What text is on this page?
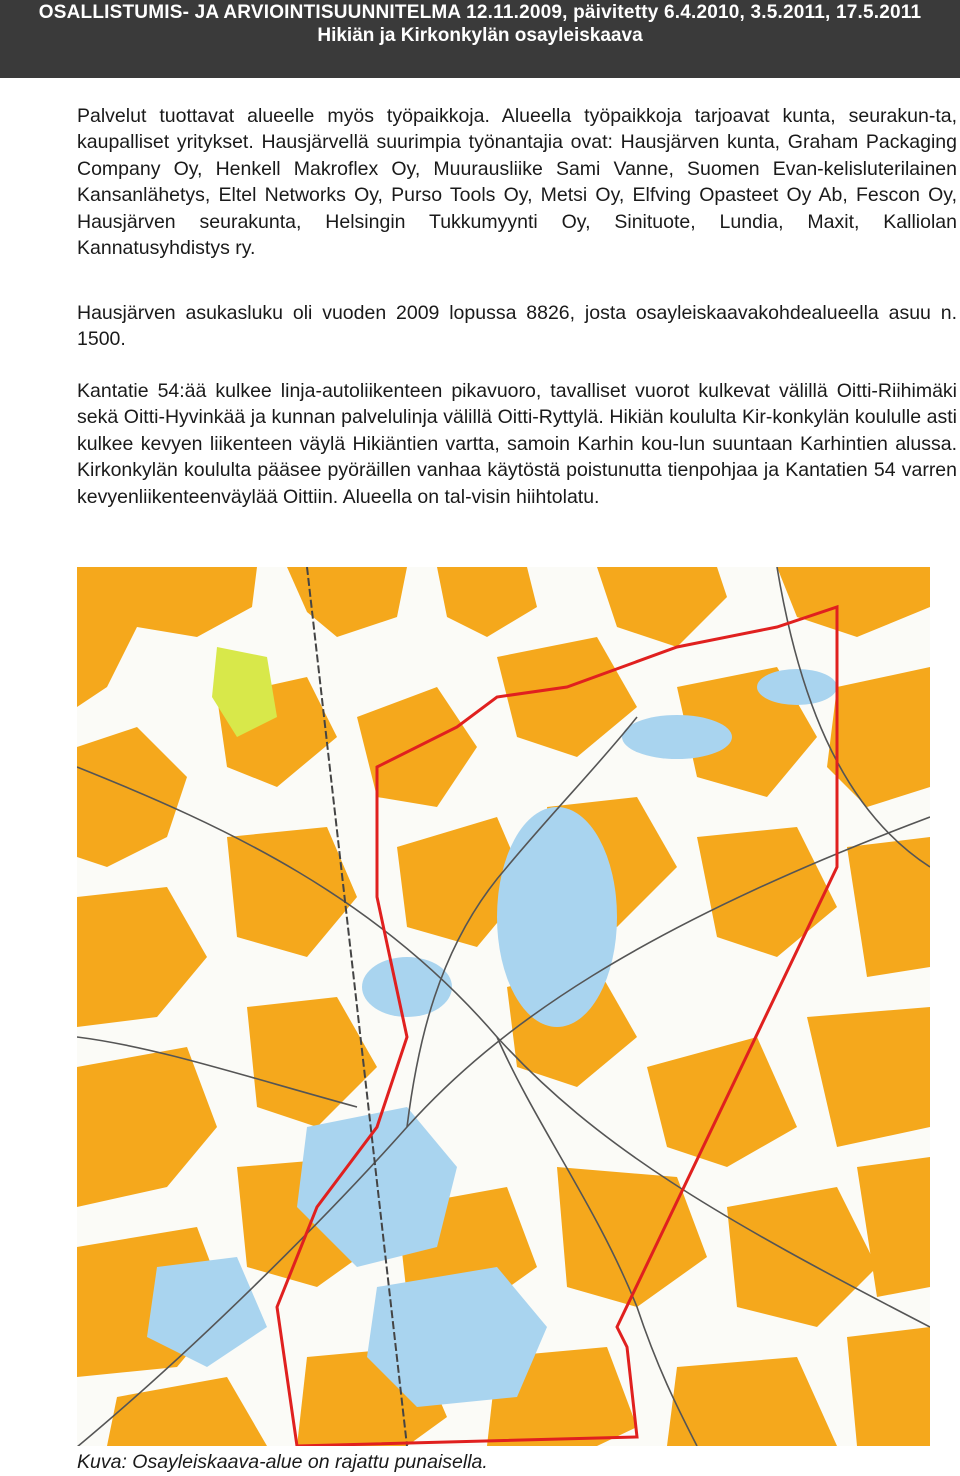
OSALLISTUMIS- JA ARVIOINTISUUNNITELMA 12.11.2009, päivitetty 6.4.2010, 3.5.2011, 17.5.2011
Hikiän ja Kirkonkylän osayleiskaava

Palvelut tuottavat alueelle myös työpaikkoja. Alueella työpaikkoja tarjoavat kunta, seurakun-ta, kaupalliset yritykset. Hausjärvellä suurimpia työnantajia ovat: Hausjärven kunta, Graham Packaging Company Oy, Henkell Makroflex Oy, Muurausliike Sami Vanne, Suomen Evan-kelisluterilainen Kansanlähetys, Eltel Networks Oy, Purso Tools Oy, Metsi Oy, Elfving Opasteet Oy Ab, Fescon Oy, Hausjärven seurakunta, Helsingin Tukkumyynti Oy, Sinituote, Lundia, Maxit, Kalliolan Kannatusyhdistys ry.

Hausjärven asukasluku oli vuoden 2009 lopussa 8826, josta osayleiskaavakohdealueella asuu n. 1500.

Kantatie 54:ää kulkee linja-autoliikenteen pikavuoro, tavalliset vuorot kulkevat välillä Oitti-Riihimäki sekä Oitti-Hyvinkää ja kunnan palvelulinja välillä Oitti-Ryttylä. Hikiän koululta Kir-konkylän koululle asti kulkee kevyen liikenteen väylä Hikiäntien vartta, samoin Karhin kou-lun suuntaan Karhintien alussa. Kirkonkylän koululta pääsee pyöräillen vanhaa käytöstä poistunutta tienpohjaa ja Kantatien 54 varren kevyenliikenteenväylää Oittiin. Alueella on tal-visin hiihtolatu.

Kuva: Osayleiskaava-alue on rajattu punaisella.
